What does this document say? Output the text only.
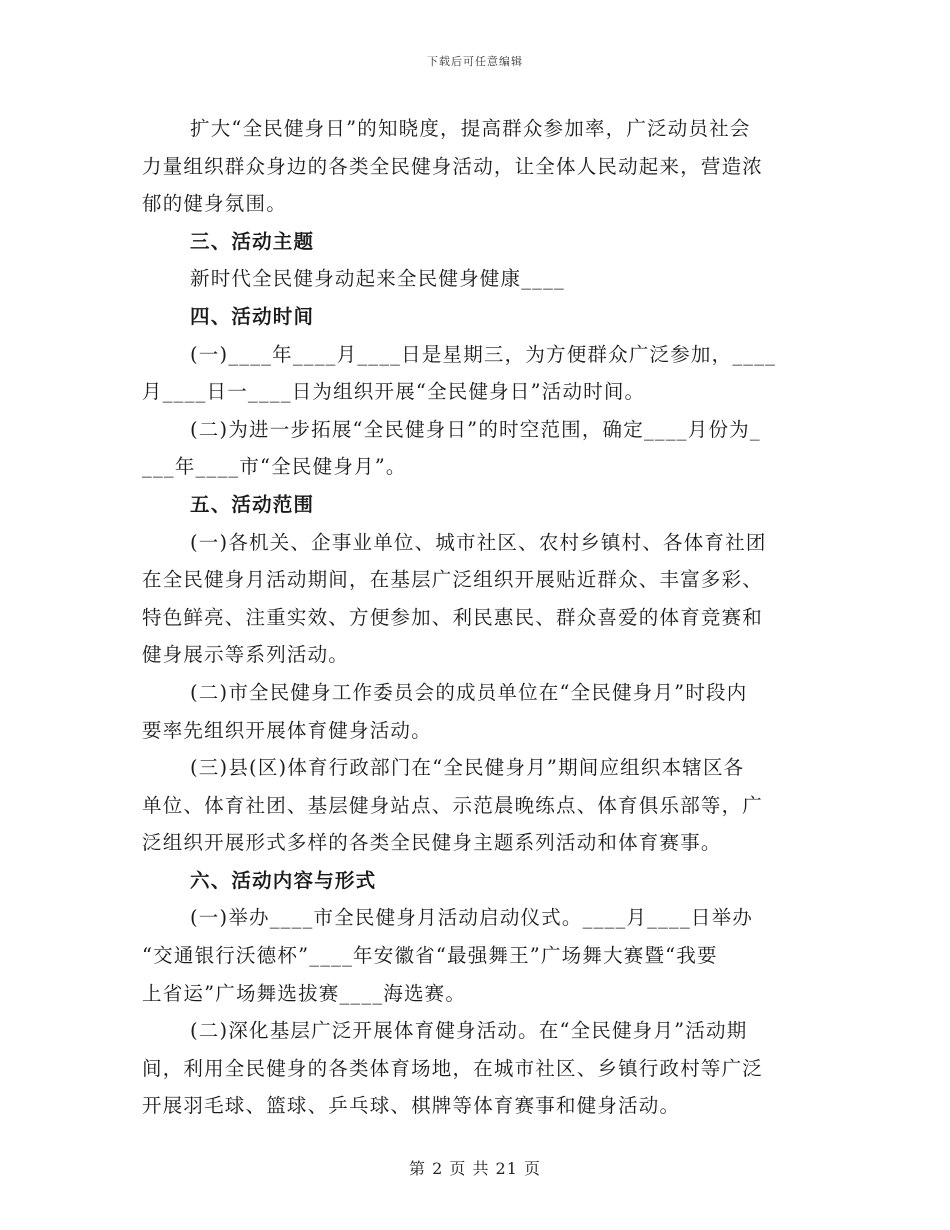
下载后可任意编辑
扩大“全民健身日”的知晓度，提高群众参加率，广泛动员社会
力量组织群众身边的各类全民健身活动，让全体人民动起来，营造浓
郁的健身氛围。
三、活动主题
新时代全民健身动起来全民健身健康____
四、活动时间
(一)____年____月____日是星期三，为方便群众广泛参加，____
月____日一____日为组织开展“全民健身日”活动时间。
(二)为进一步拓展“全民健身日”的时空范围，确定____月份为_
___年____市“全民健身月”。
五、活动范围
(一)各机关、企事业单位、城市社区、农村乡镇村、各体育社团
在全民健身月活动期间，在基层广泛组织开展贴近群众、丰富多彩、
特色鲜亮、注重实效、方便参加、利民惠民、群众喜爱的体育竞赛和
健身展示等系列活动。
(二)市全民健身工作委员会的成员单位在“全民健身月”时段内
要率先组织开展体育健身活动。
(三)县(区)体育行政部门在“全民健身月”期间应组织本辖区各
单位、体育社团、基层健身站点、示范晨晚练点、体育俱乐部等，广
泛组织开展形式多样的各类全民健身主题系列活动和体育赛事。
六、活动内容与形式
(一)举办____市全民健身月活动启动仪式。____月____日举办
“交通银行沃德杯”____年安徽省“最强舞王”广场舞大赛暨“我要
上省运”广场舞选拔赛____海选赛。
(二)深化基层广泛开展体育健身活动。在“全民健身月”活动期
间，利用全民健身的各类体育场地，在城市社区、乡镇行政村等广泛
开展羽毛球、篮球、乒乓球、棋牌等体育赛事和健身活动。
第 2 页 共 21 页
